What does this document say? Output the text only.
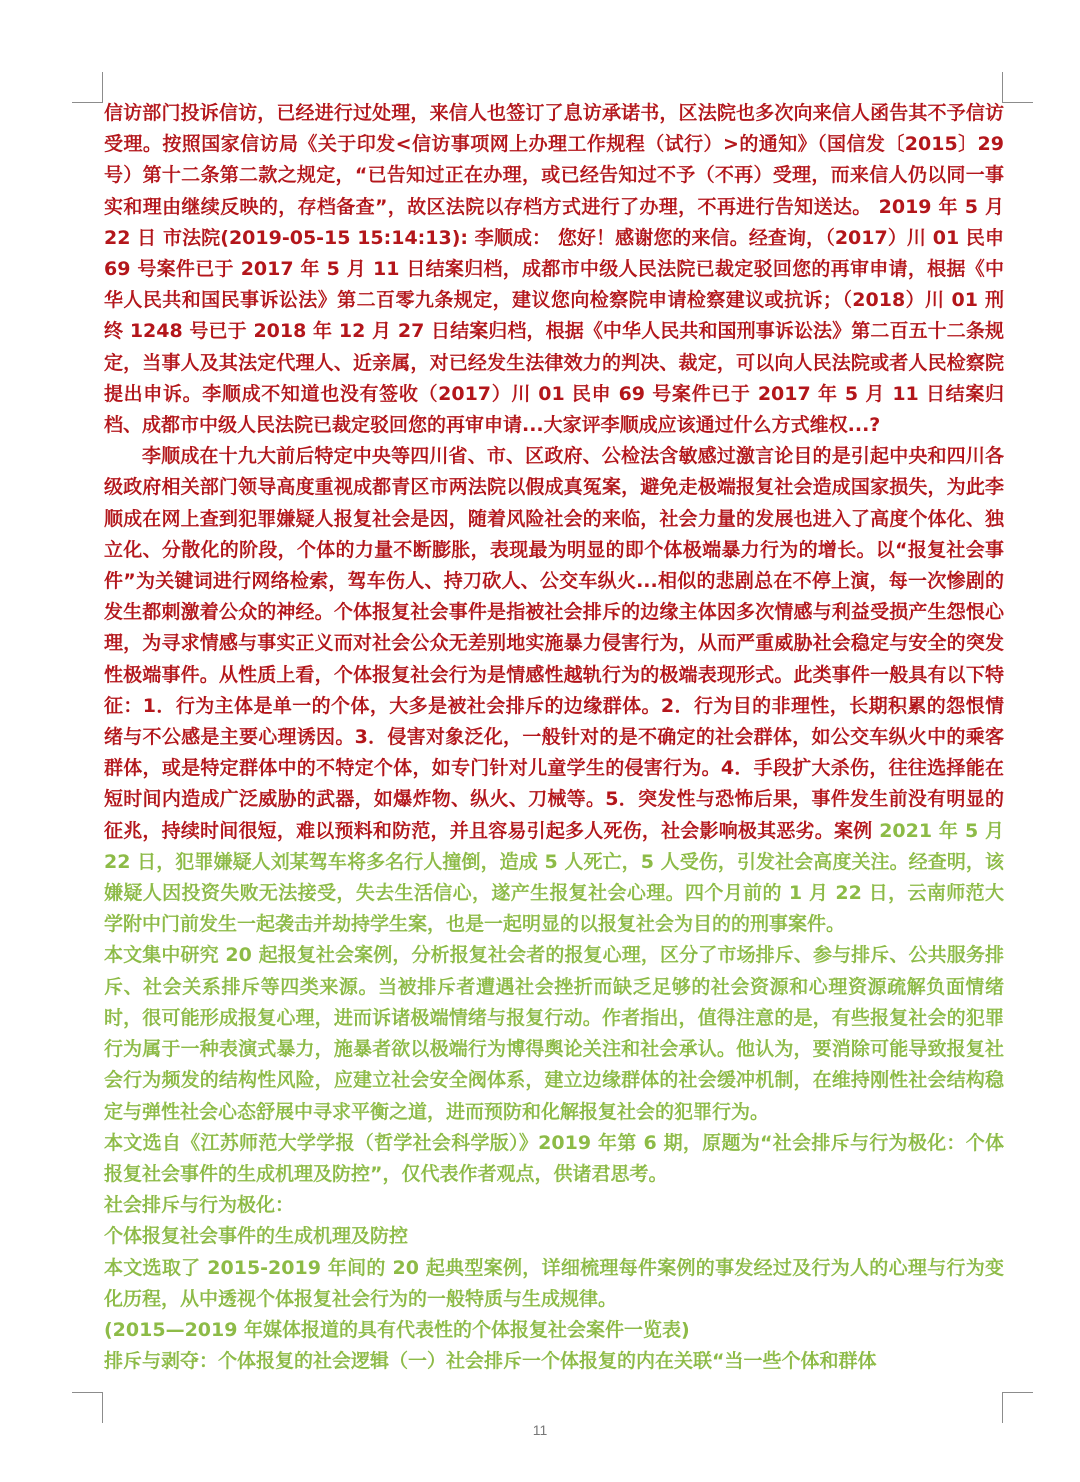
信访部门投诉信访，已经进行过处理，来信人也签订了息访承诺书，区法院也多次向来信人函告其不予信访受理。按照国家信访局《关于印发<信访事项网上办理工作规程（试行）>的通知》（国信发〔2015〕29 号）第十二条第二款之规定，“已告知过正在办理，或已经告知过不予（不再）受理，而来信人仍以同一事实和理由继续反映的，存档备查”，故区法院以存档方式进行了办理，不再进行告知送达。 2019 年 5 月 22 日 市法院(2019-05-15 15:14:13): 李顺成： 您好！感谢您的来信。经查询，（2017）川 01 民申 69 号案件已于 2017 年 5 月 11 日结案归档，成都市中级人民法院已裁定驳回您的再审申请，根据《中华人民共和国民事诉讼法》第二百零九条规定，建议您向检察院申请检察建议或抗诉；（2018）川 01 刑终 1248 号已于 2018 年 12 月 27 日结案归档，根据《中华人民共和国刑事诉讼法》第二百五十二条规定，当事人及其法定代理人、近亲属，对已经发生法律效力的判决、裁定，可以向人民法院或者人民检察院提出申诉。李顺成不知道也没有签收（2017）川 01 民申 69 号案件已于 2017 年 5 月 11 日结案归档、成都市中级人民法院已裁定驳回您的再审申请...大家评李顺成应该通过什么方式维权...?

李顺成在十九大前后特定中央等四川省、市、区政府、公检法含敏感过激言论目的是引起中央和四川各级政府相关部门领导高度重视成都青区市两法院以假成真冤案，避免走极端报复社会造成国家损失，为此李顺成在网上查到犯罪嫌疑人报复社会是因，随着风险社会的来临，社会力量的发展也进入了高度个体化、独立化、分散化的阶段，个体的力量不断膨胀，表现最为明显的即个体极端暴力行为的增长。以“报复社会事件”为关键词进行网络检索，驾车伤人、持刀砍人、公交车纵火...相似的悲剧总在不停上演，每一次惨剧的发生都刺激着公众的神经。个体报复社会事件是指被社会排斥的边缘主体因多次情感与利益受损产生怨恨心理，为寻求情感与事实正义而对社会公众无差别地实施暴力侵害行为，从而严重威胁社会稳定与安全的突发性极端事件。从性质上看，个体报复社会行为是情感性越轨行为的极端表现形式。此类事件一般具有以下特征：1．行为主体是单一的个体，大多是被社会排斥的边缘群体。2．行为目的非理性，长期积累的怨恨情绪与不公感是主要心理诱因。3．侵害对象泛化，一般针对的是不确定的社会群体，如公交车纵火中的乘客群体，或是特定群体中的不特定个体，如专门针对儿童学生的侵害行为。4．手段扩大杀伤，往往选择能在短时间内造成广泛威胁的武器，如爆炸物、纵火、刀械等。5．突发性与恐怖后果，事件发生前没有明显的征兆，持续时间很短，难以预料和防范，并且容易引起多人死伤，社会影响极其恶劣。案例 2021 年 5 月 22 日，犯罪嫌疑人刘某驾车将多名行人撞倒，造成 5 人死亡，5 人受伤，引发社会高度关注。经查明，该嫌疑人因投资失败无法接受，失去生活信心，遂产生报复社会心理。四个月前的 1 月 22 日，云南师范大学附中门前发生一起袭击并劫持学生案，也是一起明显的以报复社会为目的的刑事案件。

本文集中研究 20 起报复社会案例，分析报复社会者的报复心理，区分了市场排斥、参与排斥、公共服务排斥、社会关系排斥等四类来源。当被排斥者遭遇社会挫折而缺乏足够的社会资源和心理资源疏解负面情绪时，很可能形成报复心理，进而诉诸极端情绪与报复行动。作者指出，值得注意的是，有些报复社会的犯罪行为属于一种表演式暴力，施暴者欲以极端行为博得舆论关注和社会承认。他认为，要消除可能导致报复社会行为频发的结构性风险，应建立社会安全阀体系，建立边缘群体的社会缓冲机制，在维持刚性社会结构稳定与弹性社会心态舒展中寻求平衡之道，进而预防和化解报复社会的犯罪行为。

本文选自《江苏师范大学学报（哲学社会科学版）》2019 年第 6 期，原题为“社会排斥与行为极化：个体报复社会事件的生成机理及防控”，仅代表作者观点，供诸君思考。

社会排斥与行为极化：

个体报复社会事件的生成机理及防控

本文选取了 2015-2019 年间的 20 起典型案例，详细梳理每件案例的事发经过及行为人的心理与行为变化历程，从中透视个体报复社会行为的一般特质与生成规律。

(2015—2019 年媒体报道的具有代表性的个体报复社会案件一览表)

排斥与剥夺：个体报复的社会逻辑（一）社会排斥一个体报复的内在关联“当一些个体和群体

11
